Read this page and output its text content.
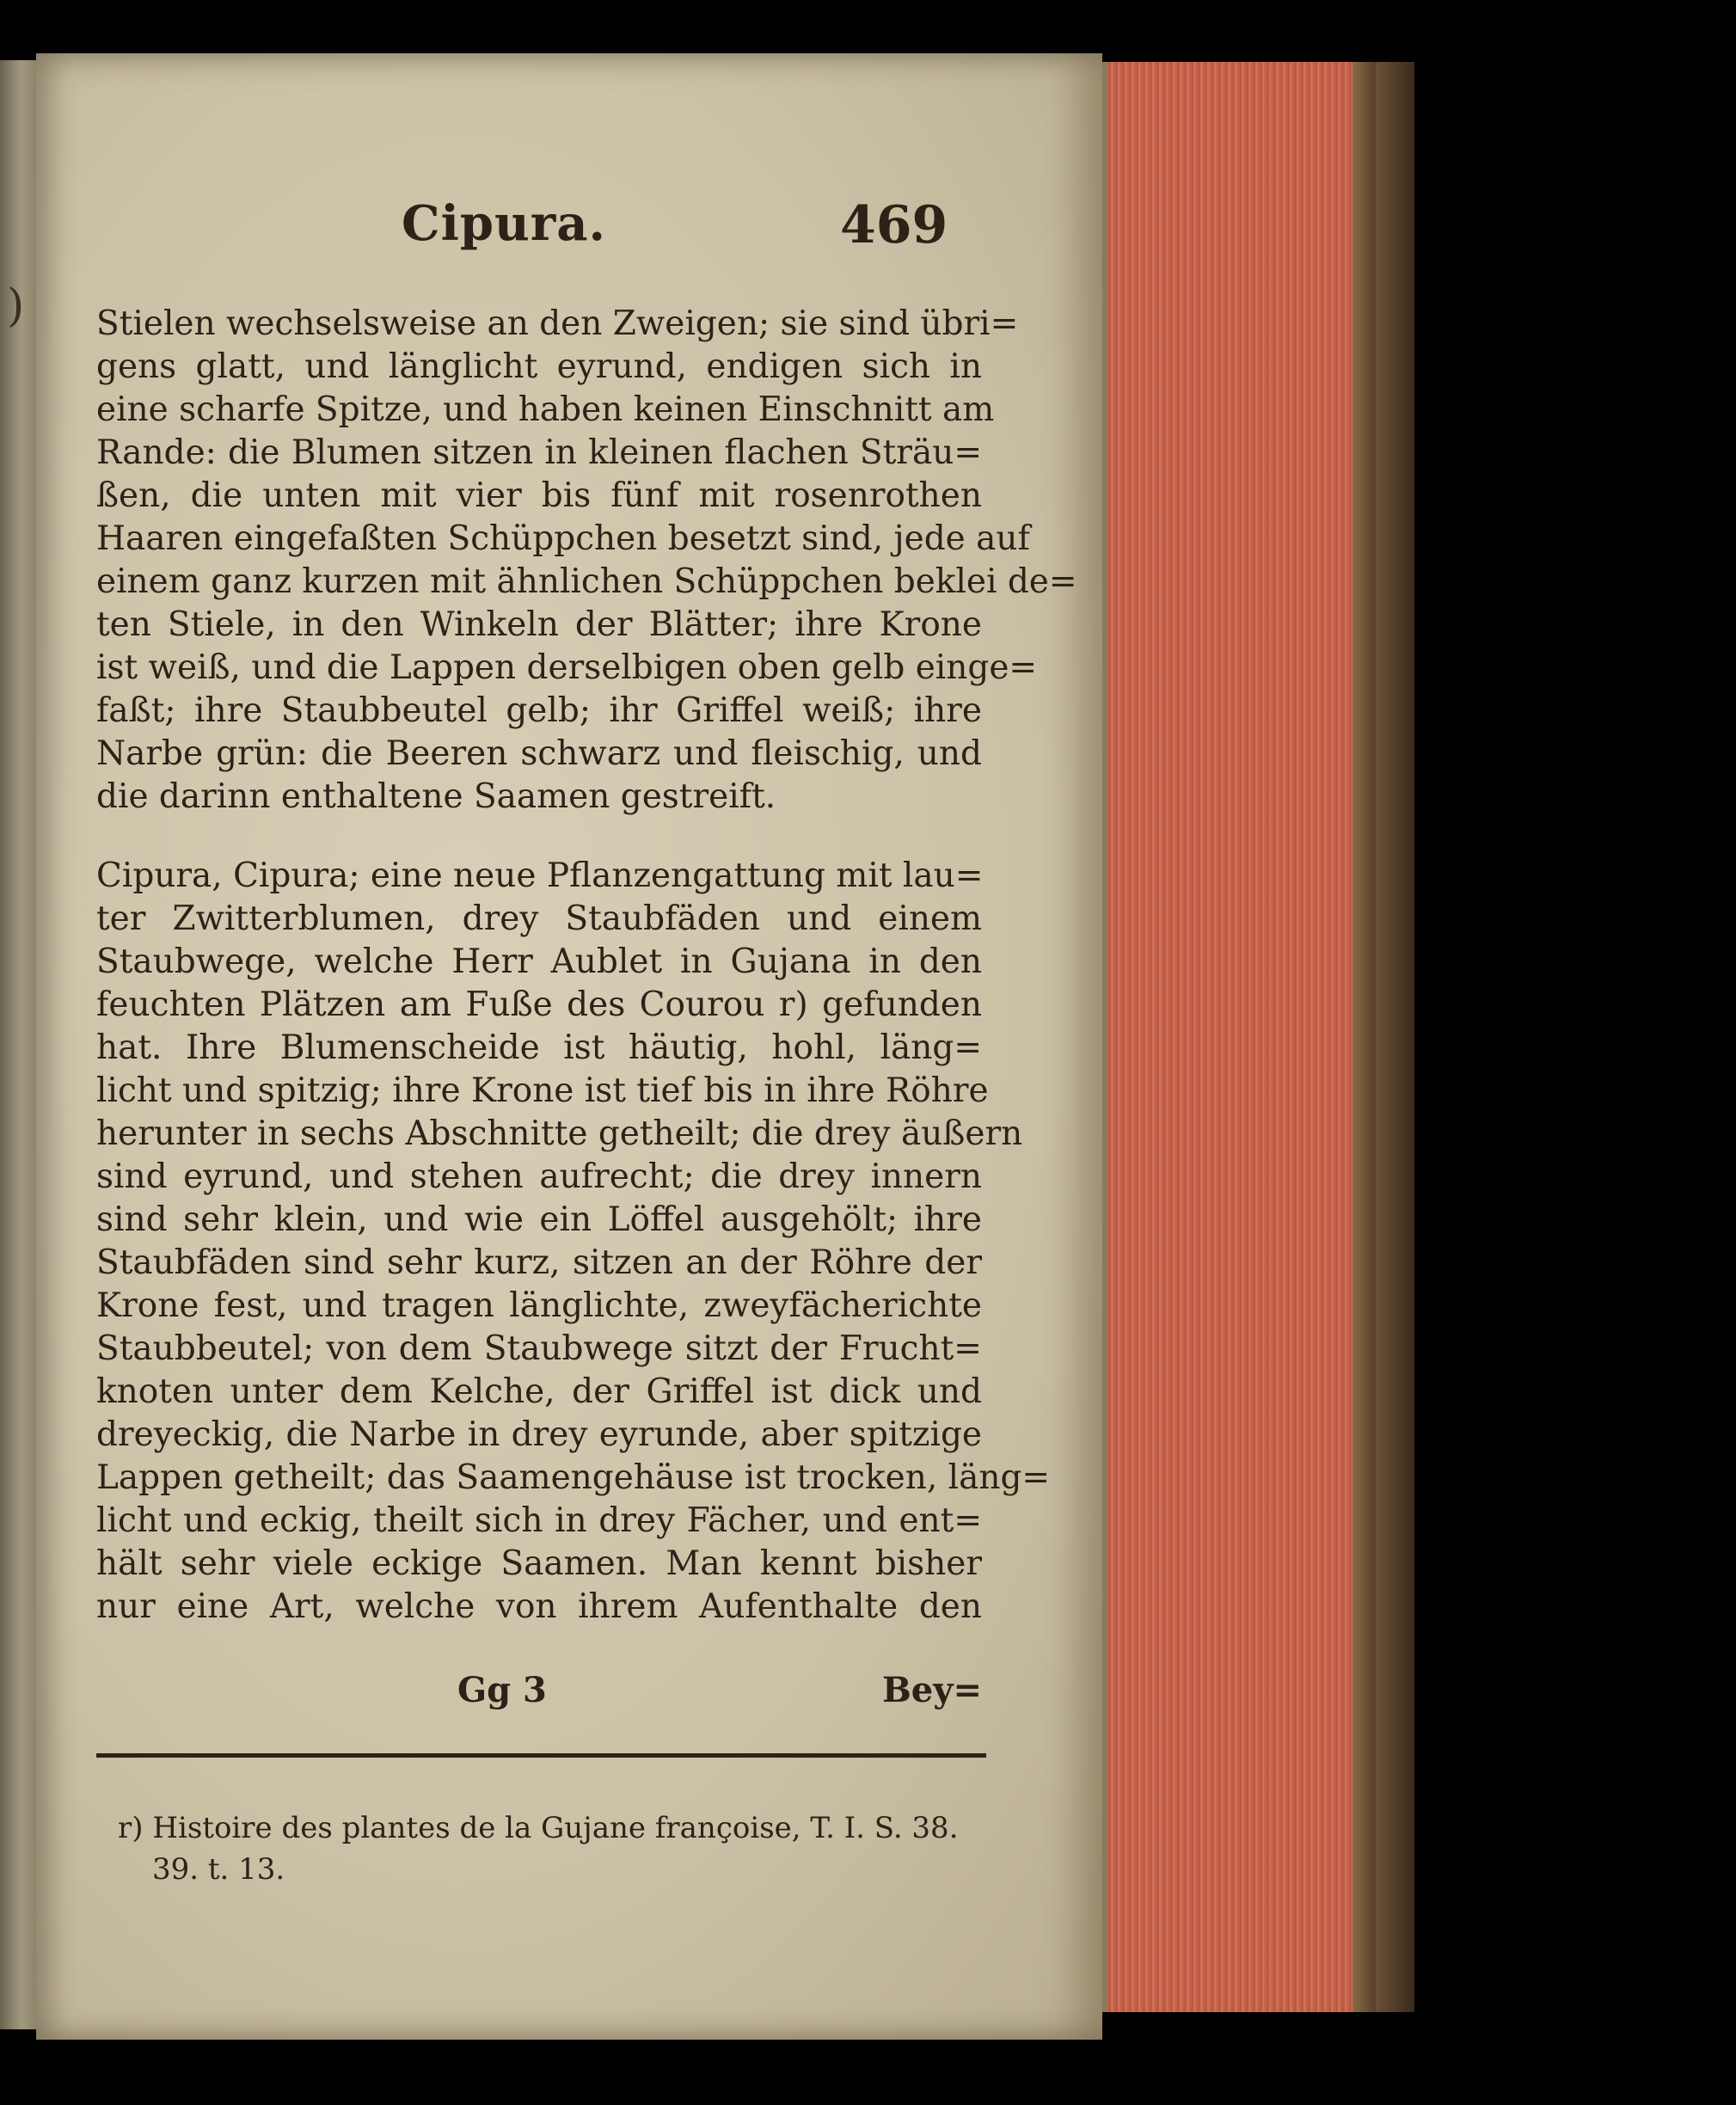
)
Cipura.	469
Stielen wechselsweise an den Zweigen; sie sind übri=
gens glatt, und länglicht eyrund, endigen sich in
eine scharfe Spitze, und haben keinen Einschnitt am
Rande: die Blumen sitzen in kleinen flachen Sträu=
ßen, die unten mit vier bis fünf mit rosenrothen
Haaren eingefaßten Schüppchen besetzt sind, jede auf
einem ganz kurzen mit ähnlichen Schüppchen beklei de=
ten Stiele, in den Winkeln der Blätter; ihre Krone
ist weiß, und die Lappen derselbigen oben gelb einge=
faßt; ihre Staubbeutel gelb; ihr Griffel weiß; ihre
Narbe grün: die Beeren schwarz und fleischig, und
die darinn enthaltene Saamen gestreift.
Cipura, Cipura; eine neue Pflanzengattung mit lau=
ter Zwitterblumen, drey Staubfäden und einem
Staubwege, welche Herr Aublet in Gujana in den
feuchten Plätzen am Fuße des Courou r) gefunden
hat. Ihre Blumenscheide ist häutig, hohl, läng=
licht und spitzig; ihre Krone ist tief bis in ihre Röhre
herunter in sechs Abschnitte getheilt; die drey äußern
sind eyrund, und stehen aufrecht; die drey innern
sind sehr klein, und wie ein Löffel ausgehölt; ihre
Staubfäden sind sehr kurz, sitzen an der Röhre der
Krone fest, und tragen länglichte, zweyfächerichte
Staubbeutel; von dem Staubwege sitzt der Frucht=
knoten unter dem Kelche, der Griffel ist dick und
dreyeckig, die Narbe in drey eyrunde, aber spitzige
Lappen getheilt; das Saamengehäuse ist trocken, läng=
licht und eckig, theilt sich in drey Fächer, und ent=
hält sehr viele eckige Saamen. Man kennt bisher
nur eine Art, welche von ihrem Aufenthalte den
Gg 3	Bey=
r) Histoire des plantes de la Gujane françoise, T. I. S. 38.
39. t. 13.
